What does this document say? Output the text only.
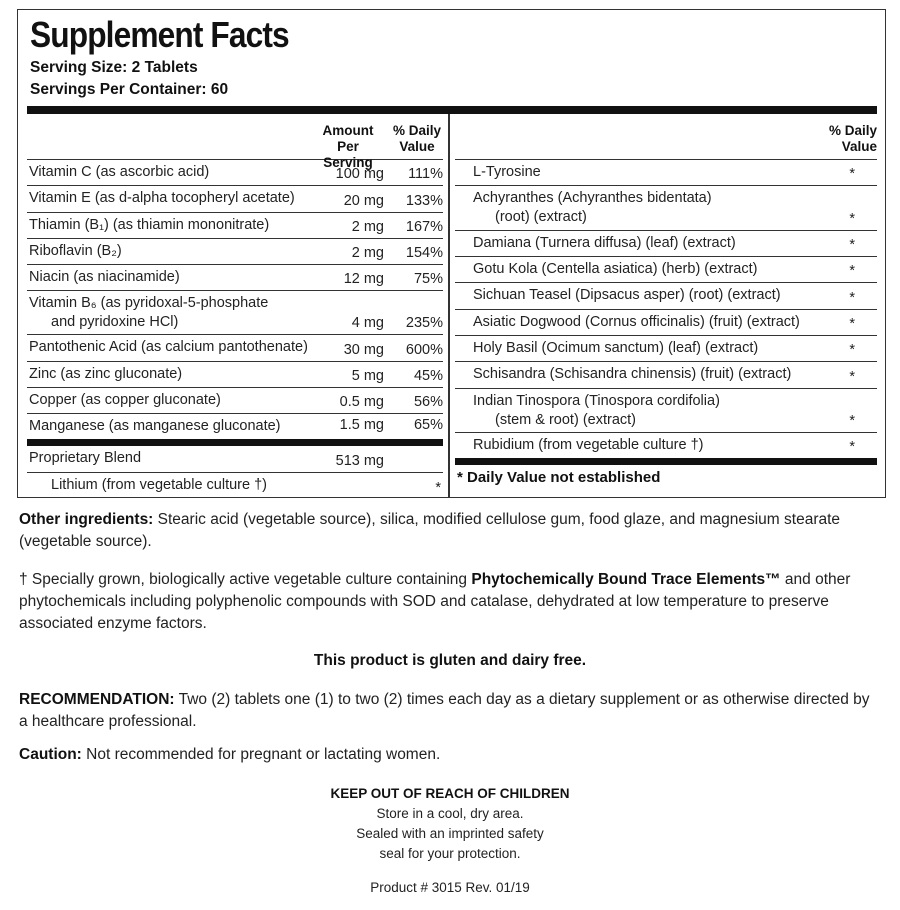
Supplement Facts
Serving Size: 2 Tablets
Servings Per Container: 60
Amount Per
Serving
% Daily
Value
Vitamin C (as ascorbic acid)	100 mg	111%
Vitamin E (as d-alpha tocopheryl acetate)	20 mg	133%
Thiamin (B₁) (as thiamin mononitrate)	2 mg	167%
Riboflavin (B₂)	2 mg	154%
Niacin (as niacinamide)	12 mg	75%
Vitamin B₆ (as pyridoxal-5-phosphate
and pyridoxine HCl)	4 mg	235%
Pantothenic Acid (as calcium pantothenate)	30 mg	600%
Zinc (as zinc gluconate)	5 mg	45%
Copper (as copper gluconate)	0.5 mg	56%
Manganese (as manganese gluconate)	1.5 mg	65%
Proprietary Blend	513 mg
Lithium (from vegetable culture †)	*
% Daily
Value
L-Tyrosine	*
Achyranthes (Achyranthes bidentata)
(root) (extract)	*
Damiana (Turnera diffusa) (leaf) (extract)	*
Gotu Kola (Centella asiatica) (herb) (extract)	*
Sichuan Teasel (Dipsacus asper) (root) (extract)	*
Asiatic Dogwood (Cornus officinalis) (fruit) (extract)	*
Holy Basil (Ocimum sanctum) (leaf) (extract)	*
Schisandra (Schisandra chinensis) (fruit) (extract)	*
Indian Tinospora (Tinospora cordifolia)
(stem & root) (extract)	*
Rubidium (from vegetable culture †)	*
* Daily Value not established
Other ingredients: Stearic acid (vegetable source), silica, modified cellulose gum, food glaze, and magnesium stearate (vegetable source).
† Specially grown, biologically active vegetable culture containing Phytochemically Bound Trace Elements™ and other phytochemicals including polyphenolic compounds with SOD and catalase, dehydrated at low temperature to preserve associated enzyme factors.
This product is gluten and dairy free.
RECOMMENDATION: Two (2) tablets one (1) to two (2) times each day as a dietary supplement or as otherwise directed by a healthcare professional.
Caution: Not recommended for pregnant or lactating women.
KEEP OUT OF REACH OF CHILDREN
Store in a cool, dry area.
Sealed with an imprinted safety
seal for your protection.
Product # 3015 Rev. 01/19
